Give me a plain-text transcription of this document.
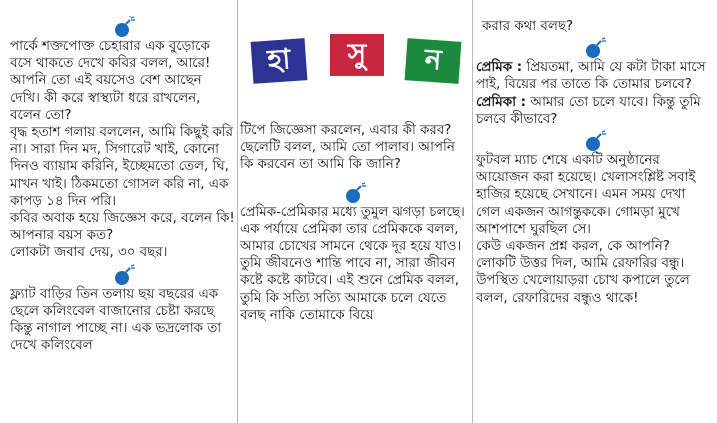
পার্কে শক্তপোক্ত চেহারার এক বুড়োকে বসে থাকতে দেখে কবির বলল, আরে! আপনি তো এই বয়সেও বেশ আছেন দেখি। কী করে স্বাস্থ্যটা ধরে রাখলেন, বলেন তো?

বৃদ্ধ হতাশ গলায় বললেন, আমি কিছুই করি না। সারা দিন মদ, সিগারেট খাই, কোনো দিনও ব্যায়াম করিনি, ইচ্ছেমতো তেল, ঘি, মাখন খাই। ঠিকমতো গোসল করি না, এক কাপড় ১৪ দিন পরি।

কবির অবাক হয়ে জিজ্ঞেস করে, বলেন কি! আপনার বয়স কত?

লোকটা জবাব দেয়, ৩০ বছর।

ফ্ল্যাট বাড়ির তিন তলায় ছয় বছরের এক ছেলে কলিংবেল বাজানোর চেষ্টা করছে কিন্তু নাগাল পাচ্ছে না। এক ভদ্রলোক তা দেখে কলিংবেল

হা	সু	ন

টিপে জিজ্ঞেসা করলেন, এবার কী করব?

ছেলেটি বলল, আমি তো পালাব। আপনি কি করবেন তা আমি কি জানি?

প্রেমিক-প্রেমিকার মধ্যে তুমুল ঝগড়া চলছে।

এক পর্যায়ে প্রেমিকা তার প্রেমিককে বলল, আমার চোখের সামনে থেকে দূর হয়ে যাও। তুমি জীবনেও শান্তি পাবে না, সারা জীবন কষ্টে কষ্টে কাটবে। এই শুনে প্রেমিক বলল, তুমি কি সত্যি সত্যি আমাকে চলে যেতে বলছ নাকি তোমাকে বিয়ে

করার কথা বলছ?

প্রেমিক : প্রিয়তমা, আমি যে কটা টাকা মাসে পাই, বিয়ের পর তাতে কি তোমার চলবে?

প্রেমিকা : আমার তো চলে যাবে। কিন্তু তুমি চলবে কীভাবে?

ফুটবল ম্যাচ শেষে একটি অনুষ্ঠানের আয়োজন করা হয়েছে। খেলাসংশ্লিষ্ট সবাই হাজির হয়েছে সেখানে। এমন সময় দেখা গেল একজন আগন্তুককে। গোমড়া মুখে আশপাশে ঘুরছিল সে।

কেউ একজন প্রশ্ন করল, কে আপনি?

লোকটি উত্তর দিল, আমি রেফারির বন্ধু।

উপস্থিত খেলোয়াড়রা চোখ কপালে তুলে বলল, রেফারিদের বন্ধুও থাকে!
